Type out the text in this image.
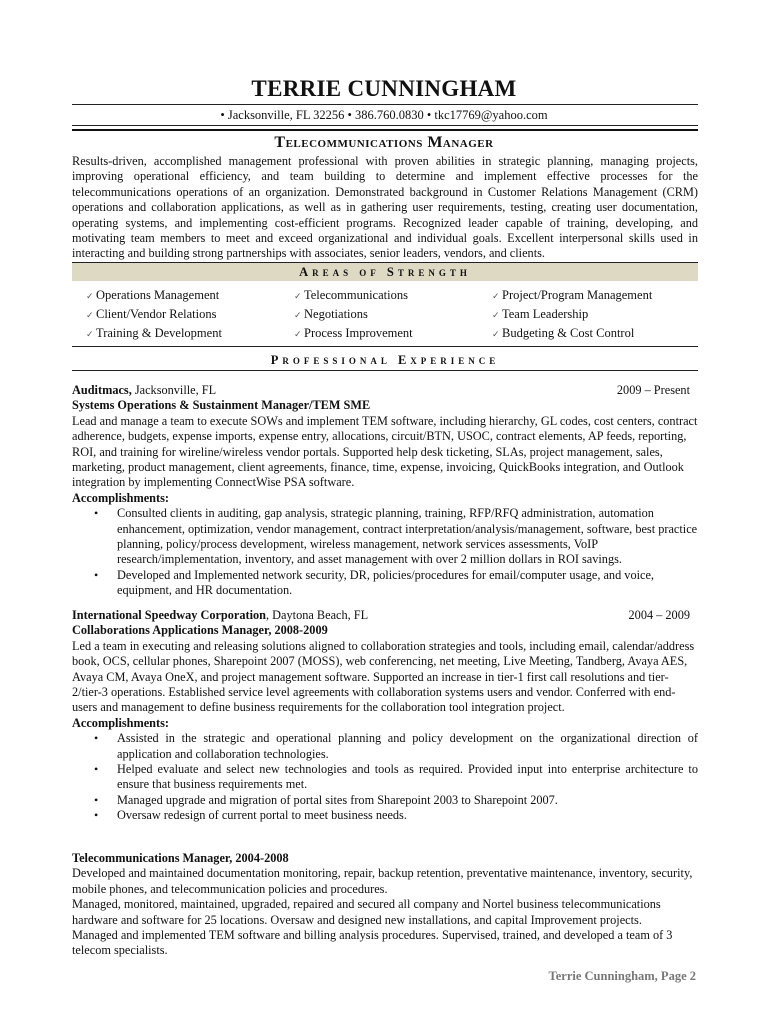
TERRIE CUNNINGHAM
• Jacksonville, FL 32256 • 386.760.0830 • tkc17769@yahoo.com
Telecommunications Manager
Results-driven, accomplished management professional with proven abilities in strategic planning, managing projects, improving operational efficiency, and team building to determine and implement effective processes for the telecommunications operations of an organization. Demonstrated background in Customer Relations Management (CRM) operations and collaboration applications, as well as in gathering user requirements, testing, creating user documentation, operating systems, and implementing cost-efficient programs. Recognized leader capable of training, developing, and motivating team members to meet and exceed organizational and individual goals. Excellent interpersonal skills used in interacting and building strong partnerships with associates, senior leaders, vendors, and clients.
Areas of Strength
✓ Operations Management
✓ Client/Vendor Relations
✓ Training & Development
✓ Telecommunications
✓ Negotiations
✓ Process Improvement
✓ Project/Program Management
✓ Team Leadership
✓ Budgeting & Cost Control
Professional Experience
Auditmacs, Jacksonville, FL	2009 – Present
Systems Operations & Sustainment Manager/TEM SME
Lead and manage a team to execute SOWs and implement TEM software, including hierarchy, GL codes, cost centers, contract adherence, budgets, expense imports, expense entry, allocations, circuit/BTN, USOC, contract elements, AP feeds, reporting, ROI, and training for wireline/wireless vendor portals. Supported help desk ticketing, SLAs, project management, sales, marketing, product management, client agreements, finance, time, expense, invoicing, QuickBooks integration, and Outlook integration by implementing ConnectWise PSA software.
Accomplishments:
• Consulted clients in auditing, gap analysis, strategic planning, training, RFP/RFQ administration, automation enhancement, optimization, vendor management, contract interpretation/analysis/management, software, best practice planning, policy/process development, wireless management, network services assessments, VoIP research/implementation, inventory, and asset management with over 2 million dollars in ROI savings.
• Developed and Implemented network security, DR, policies/procedures for email/computer usage, and voice, equipment, and HR documentation.
International Speedway Corporation, Daytona Beach, FL	2004 – 2009
Collaborations Applications Manager, 2008-2009
Led a team in executing and releasing solutions aligned to collaboration strategies and tools, including email, calendar/address book, OCS, cellular phones, Sharepoint 2007 (MOSS), web conferencing, net meeting, Live Meeting, Tandberg, Avaya AES, Avaya CM, Avaya OneX, and project management software. Supported an increase in tier-1 first call resolutions and tier-2/tier-3 operations. Established service level agreements with collaboration systems users and vendor. Conferred with end-users and management to define business requirements for the collaboration tool integration project.
Accomplishments:
• Assisted in the strategic and operational planning and policy development on the organizational direction of application and collaboration technologies.
• Helped evaluate and select new technologies and tools as required. Provided input into enterprise architecture to ensure that business requirements met.
• Managed upgrade and migration of portal sites from Sharepoint 2003 to Sharepoint 2007.
• Oversaw redesign of current portal to meet business needs.
Telecommunications Manager, 2004-2008
Developed and maintained documentation monitoring, repair, backup retention, preventative maintenance, inventory, security, mobile phones, and telecommunication policies and procedures.
Managed, monitored, maintained, upgraded, repaired and secured all company and Nortel business telecommunications hardware and software for 25 locations. Oversaw and designed new installations, and capital Improvement projects.
Managed and implemented TEM software and billing analysis procedures. Supervised, trained, and developed a team of 3 telecom specialists.
Terrie Cunningham, Page 2
